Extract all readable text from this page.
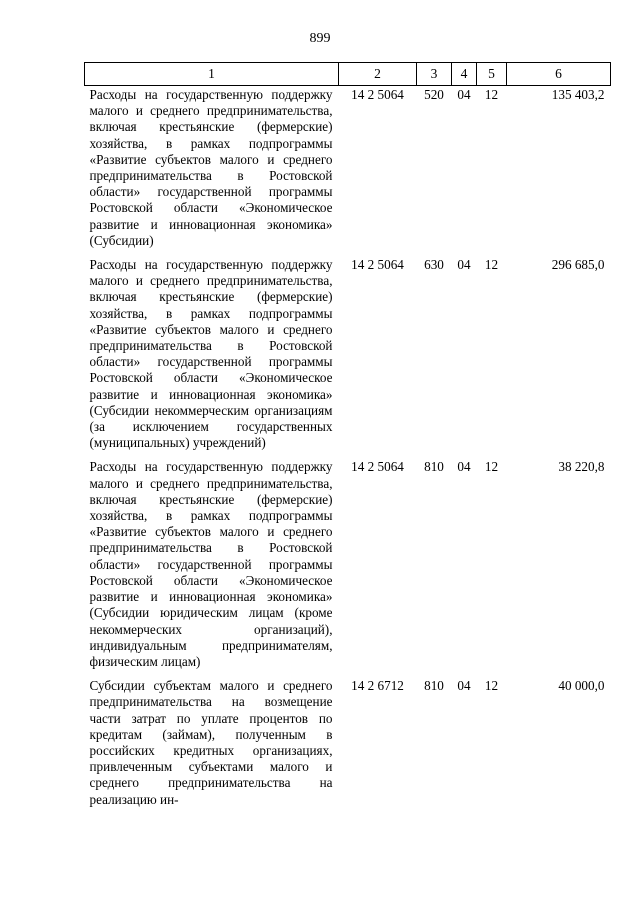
899
1	2	3	4	5	6
Расходы на государственную поддержку малого и среднего предпринимательства, включая крестьянские (фермерские) хозяйства, в рамках подпрограммы «Развитие субъектов малого и среднего предпринимательства в Ростовской области» государственной программы Ростовской области «Экономическое развитие и инновационная экономика» (Субсидии)	14 2 5064	520	04	12	135 403,2
Расходы на государственную поддержку малого и среднего предпринимательства, включая крестьянские (фермерские) хозяйства, в рамках подпрограммы «Развитие субъектов малого и среднего предпринимательства в Ростовской области» государственной программы Ростовской области «Экономическое развитие и инновационная экономика» (Субсидии некоммерческим организациям (за исключением государственных (муниципальных) учреждений)	14 2 5064	630	04	12	296 685,0
Расходы на государственную поддержку малого и среднего предпринимательства, включая крестьянские (фермерские) хозяйства, в рамках подпрограммы «Развитие субъектов малого и среднего предпринимательства в Ростовской области» государственной программы Ростовской области «Экономическое развитие и инновационная экономика» (Субсидии юридическим лицам (кроме некоммерческих организаций), индивидуальным предпринимателям, физическим лицам)	14 2 5064	810	04	12	38 220,8
Субсидии субъектам малого и среднего предпринимательства на возмещение части затрат по уплате процентов по кредитам (займам), полученным в российских кредитных организациях, привлеченным субъектами малого и среднего предпринимательства на реализацию ин-	14 2 6712	810	04	12	40 000,0
